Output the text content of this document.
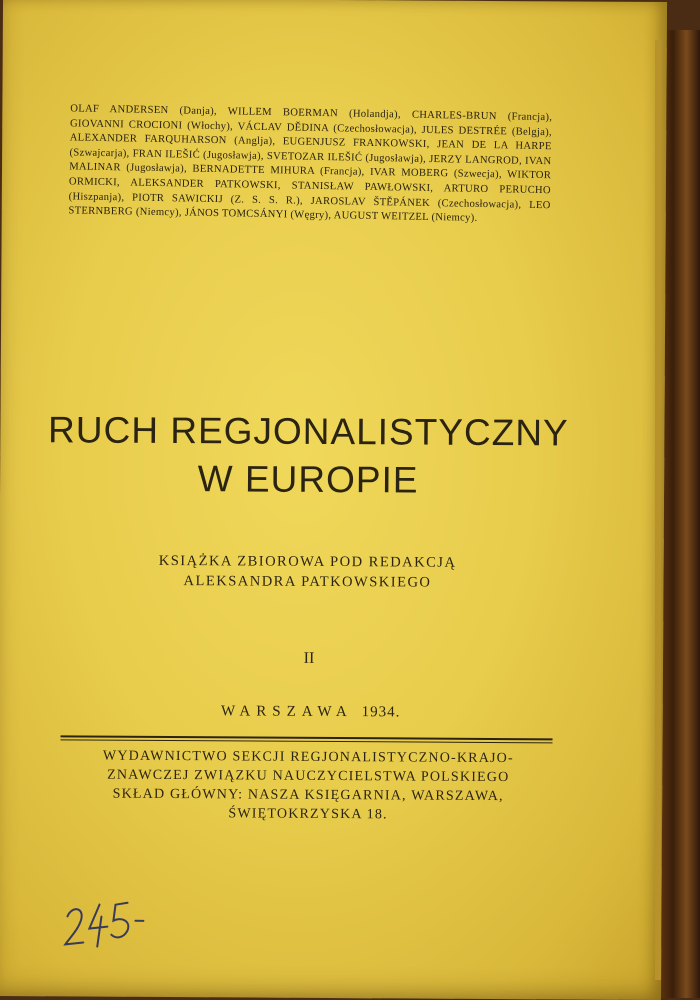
OLAF ANDERSEN (Danja), WILLEM BOERMAN (Holandja), CHARLES-BRUN (Francja), GIOVANNI CROCIONI (Włochy), VÁCLAV DĚDINA (Czechosłowacja), JULES DESTRÉE (Belgja), ALEXANDER FARQUHARSON (Anglja), EUGENJUSZ FRANKOWSKI, JEAN DE LA HARPE (Szwajcarja), FRAN ILEŠIĆ (Jugosławja), SVETOZAR ILEŠIĆ (Jugosławja), JERZY LANGROD, IVAN MALINAR (Jugosławja), BERNADETTE MIHURA (Francja), IVAR MOBERG (Szwecja), WIKTOR ORMICKI, ALEKSANDER PATKOWSKI, STANISŁAW PAWŁOWSKI, ARTURO PERUCHO (Hiszpanja), PIOTR SAWICKIJ (Z. S. S. R.), JAROSLAV ŠTĚPÁNEK (Czechosłowacja), LEO STERNBERG (Niemcy), JÁNOS TOMCSÁNYI (Węgry), AUGUST WEITZEL (Niemcy).
RUCH REGJONALISTYCZNY
W EUROPIE
KSIĄŻKA ZBIOROWA POD REDAKCJĄ
ALEKSANDRA PATKOWSKIEGO
II
WARSZAWA 1934.
WYDAWNICTWO SEKCJI REGJONALISTYCZNO-KRAJO-
ZNAWCZEJ ZWIĄZKU NAUCZYCIELSTWA POLSKIEGO
SKŁAD GŁÓWNY: NASZA KSIĘGARNIA, WARSZAWA,
ŚWIĘTOKRZYSKA 18.
